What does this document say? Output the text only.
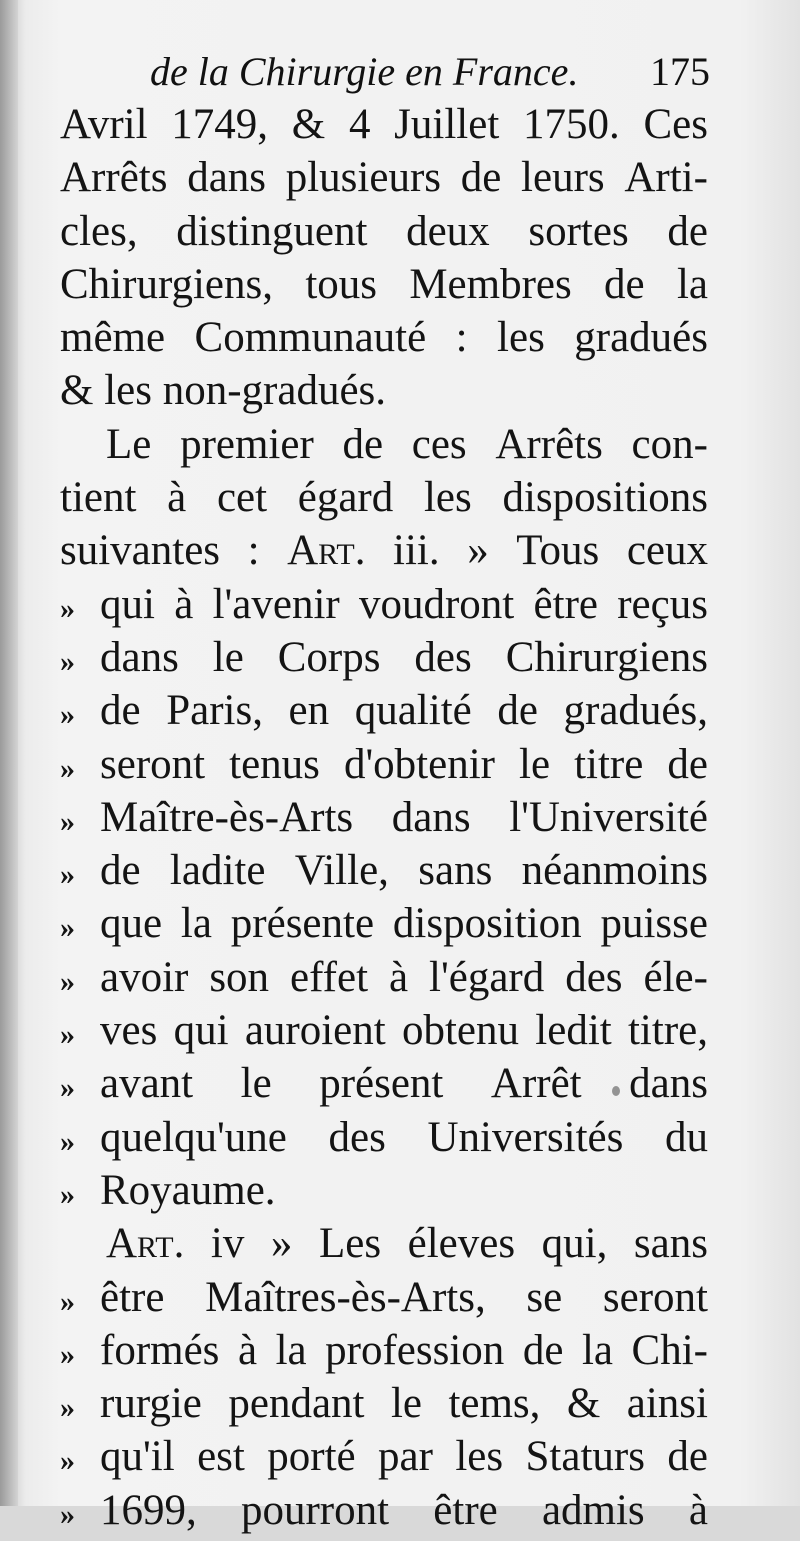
de la Chirurgie en France. 175
Avril 1749, & 4 Juillet 1750. Ces
Arrêts dans plusieurs de leurs Arti-
cles, distinguent deux sortes de
Chirurgiens, tous Membres de la
même Communauté : les gradués
& les non-gradués.
Le premier de ces Arrêts con-
tient à cet égard les dispositions
suivantes : Art. iii. » Tous ceux
» qui à l'avenir voudront être reçus
» dans le Corps des Chirurgiens
» de Paris, en qualité de gradués,
» seront tenus d'obtenir le titre de
» Maître-ès-Arts dans l'Université
» de ladite Ville, sans néanmoins
» que la présente disposition puisse
» avoir son effet à l'égard des éle-
» ves qui auroient obtenu ledit titre,
» avant le présent Arrêt dans
» quelqu'une des Universités du
» Royaume.
Art. iv » Les éleves qui, sans
» être Maîtres-ès-Arts, se seront
» formés à la profession de la Chi-
» rurgie pendant le tems, & ainsi
» qu'il est porté par les Staturs de
» 1699, pourront être admis à
